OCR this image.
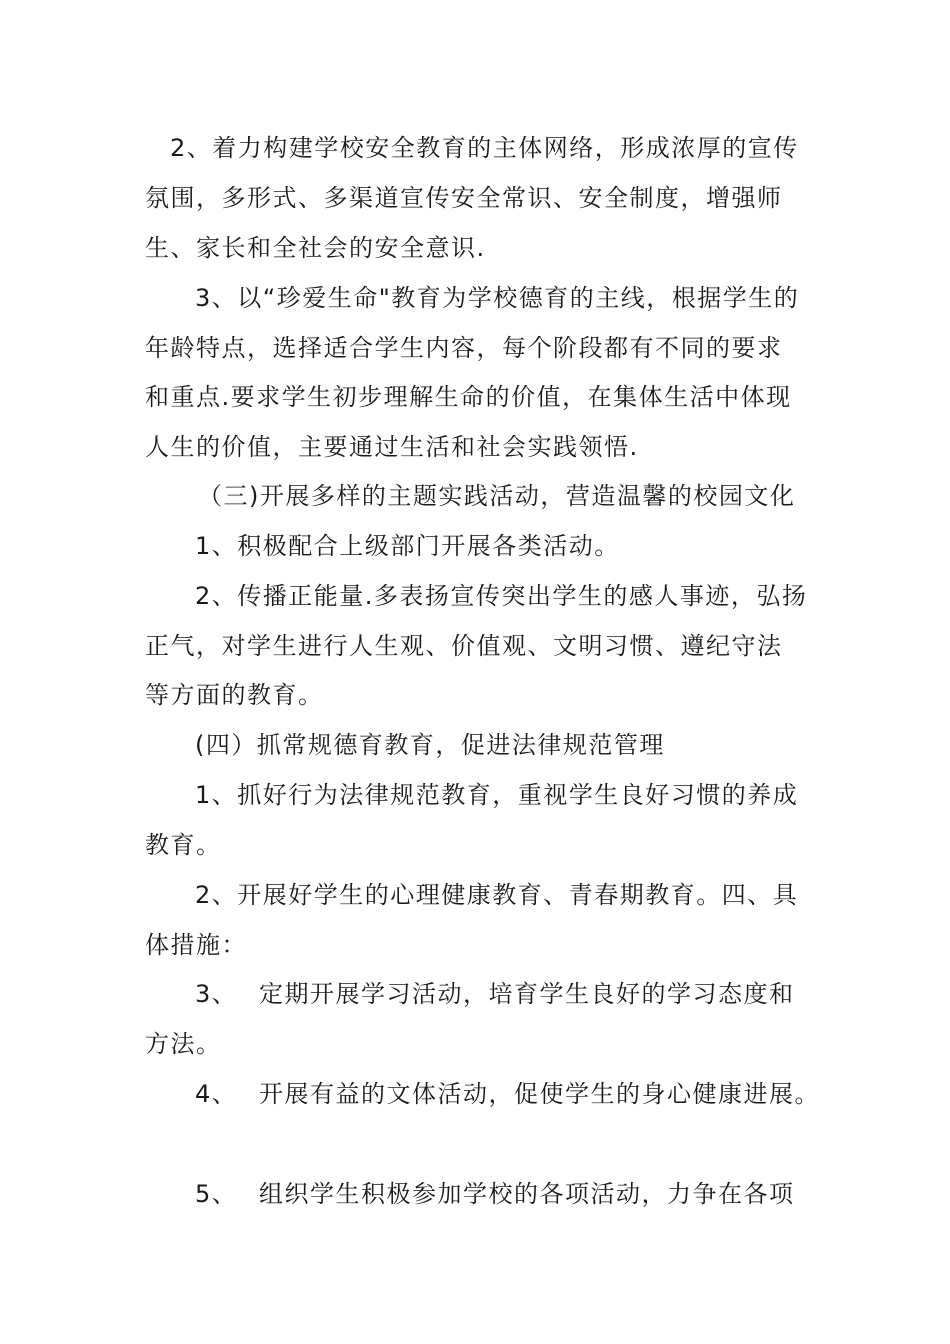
2、着力构建学校安全教育的主体网络，形成浓厚的宣传
氛围，多形式、多渠道宣传安全常识、安全制度，增强师
生、家长和全社会的安全意识.
3、以“珍爱生命"教育为学校德育的主线，根据学生的
年龄特点，选择适合学生内容，每个阶段都有不同的要求
和重点.要求学生初步理解生命的价值，在集体生活中体现
人生的价值，主要通过生活和社会实践领悟.
（三)开展多样的主题实践活动，营造温馨的校园文化
1、积极配合上级部门开展各类活动。
2、传播正能量.多表扬宣传突出学生的感人事迹，弘扬
正气，对学生进行人生观、价值观、文明习惯、遵纪守法
等方面的教育。
(四）抓常规德育教育，促进法律规范管理
1、抓好行为法律规范教育，重视学生良好习惯的养成
教育。
2、开展好学生的心理健康教育、青春期教育。四、具
体措施：
3、 定期开展学习活动，培育学生良好的学习态度和
方法。
4、 开展有益的文体活动，促使学生的身心健康进展。
5、 组织学生积极参加学校的各项活动，力争在各项
